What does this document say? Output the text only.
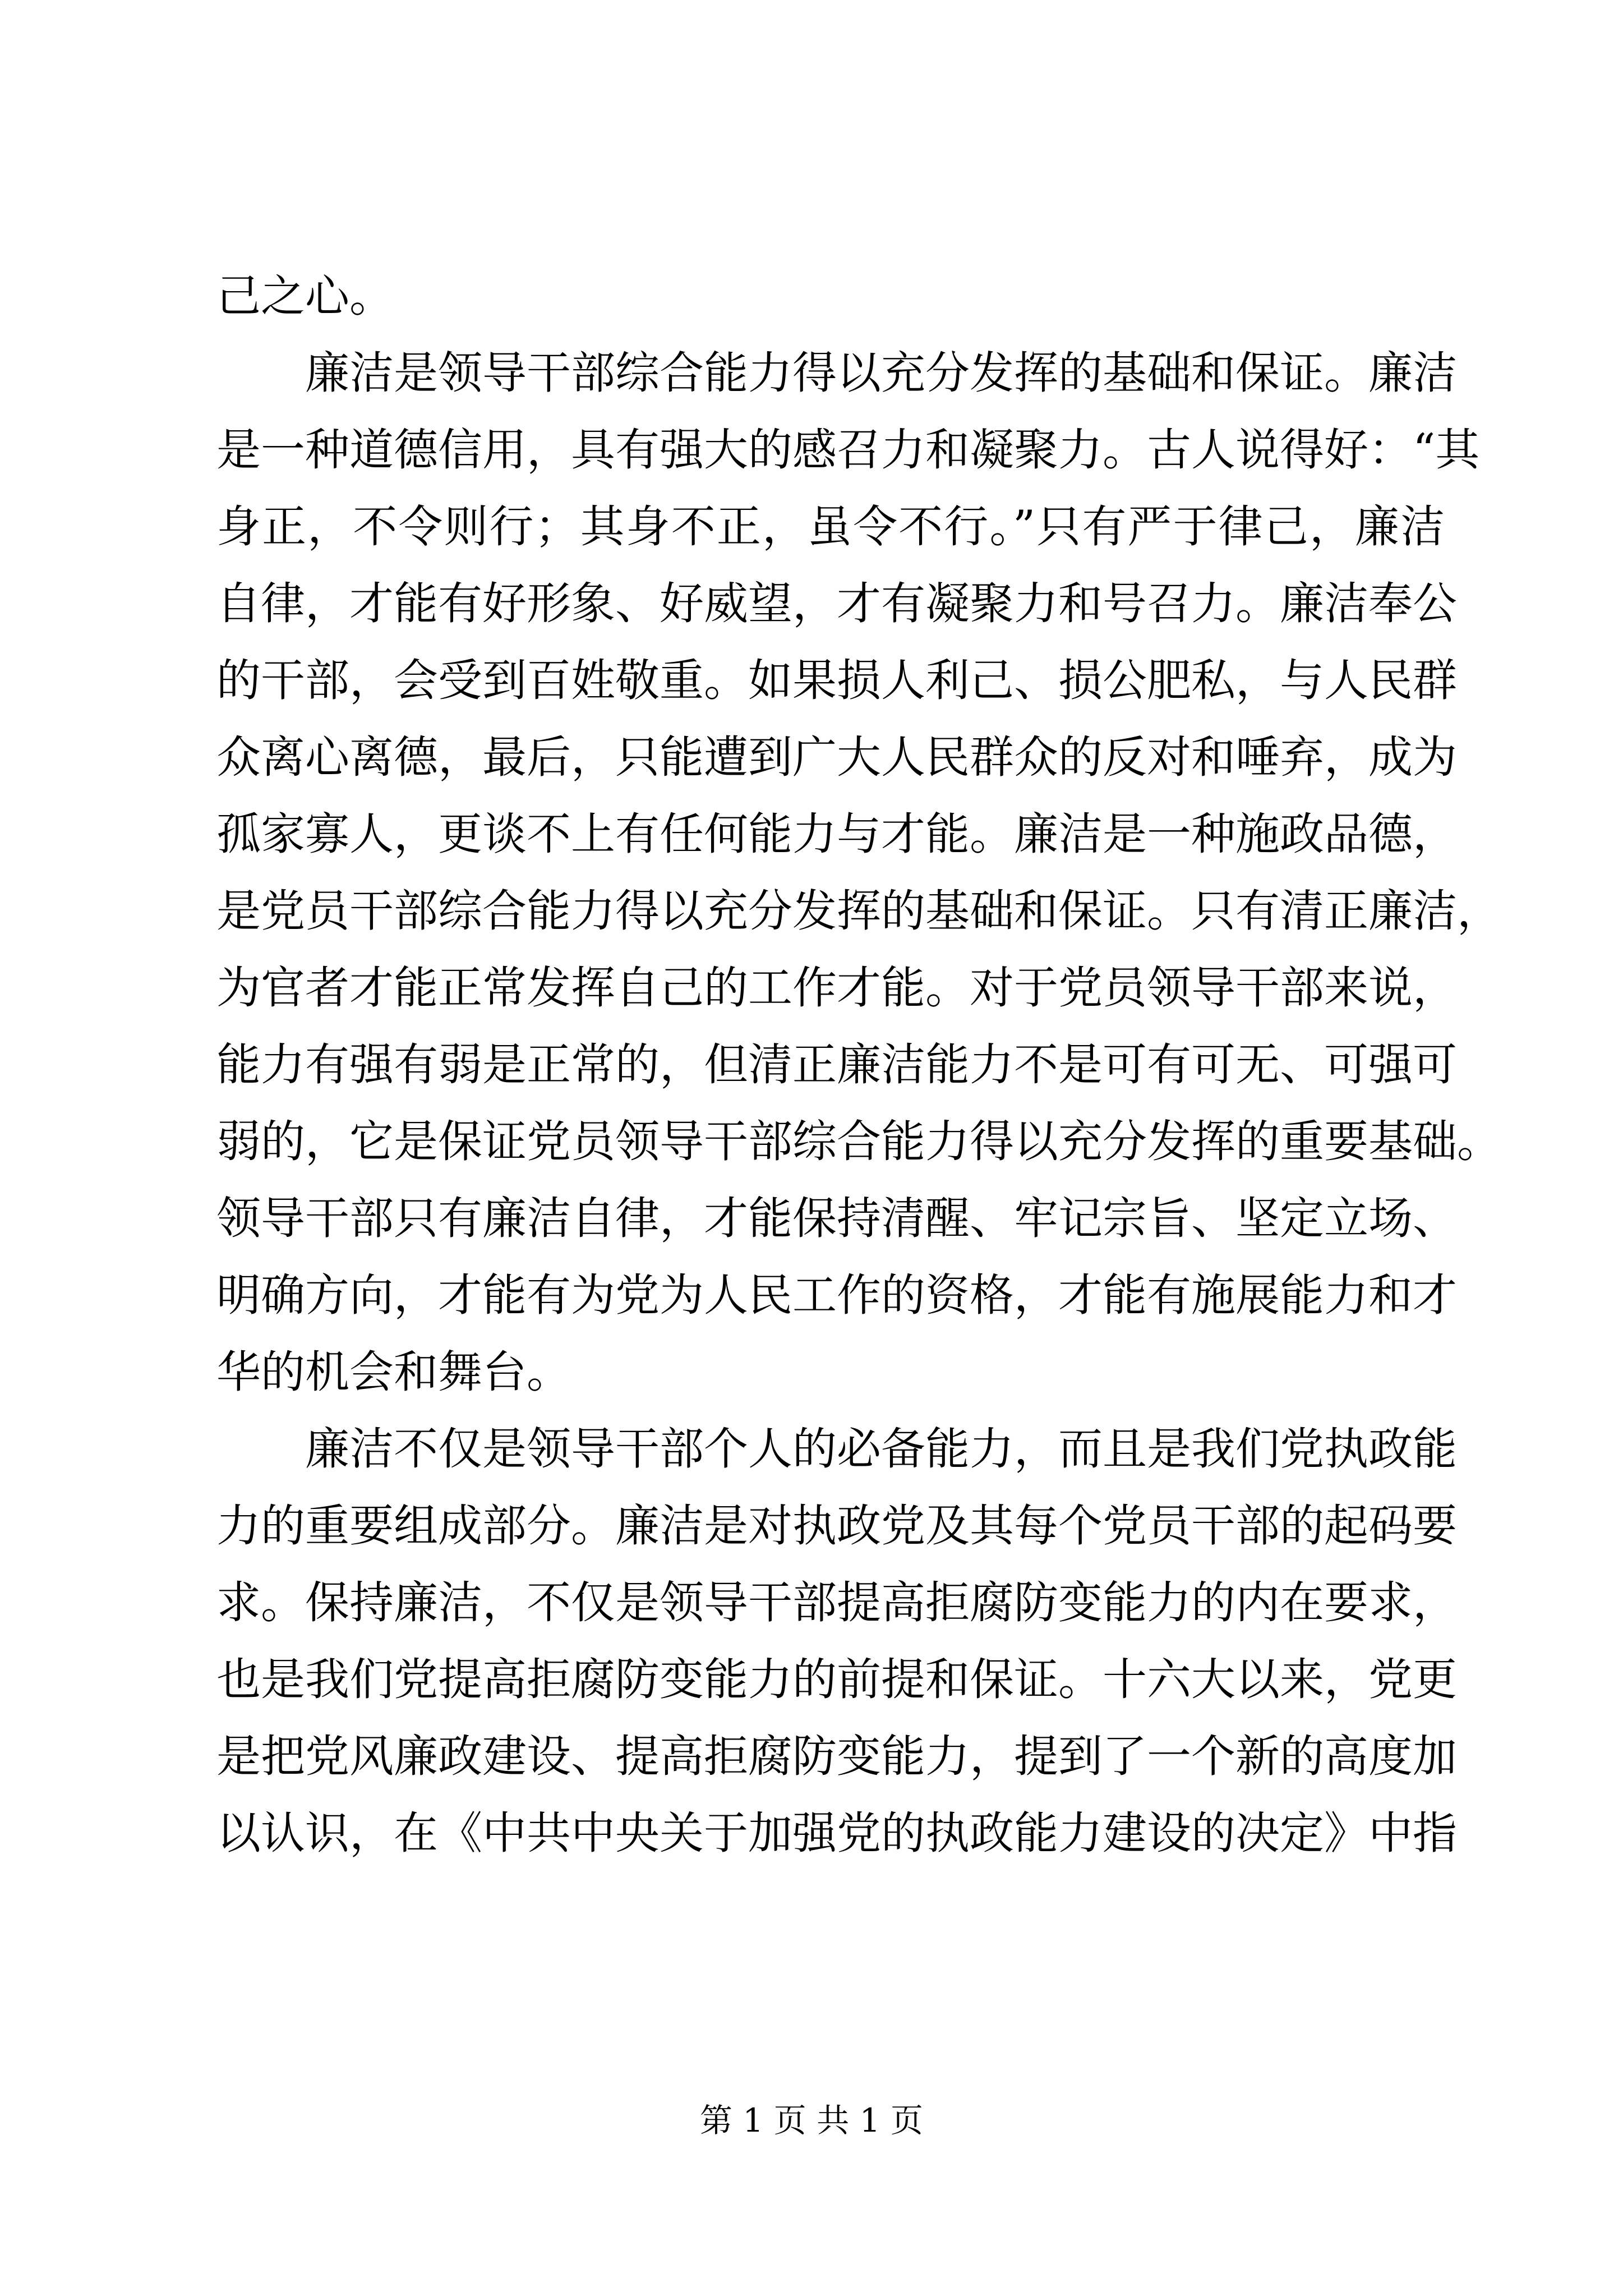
己之心。
廉洁是领导干部综合能力得以充分发挥的基础和保证。廉洁
是一种道德信用，具有强大的感召力和凝聚力。古人说得好：“其
身正，不令则行；其身不正，虽令不行。”只有严于律己，廉洁
自律，才能有好形象、好威望，才有凝聚力和号召力。廉洁奉公
的干部，会受到百姓敬重。如果损人利己、损公肥私，与人民群
众离心离德，最后，只能遭到广大人民群众的反对和唾弃，成为
孤家寡人，更谈不上有任何能力与才能。廉洁是一种施政品德，
是党员干部综合能力得以充分发挥的基础和保证。只有清正廉洁，
为官者才能正常发挥自己的工作才能。对于党员领导干部来说，
能力有强有弱是正常的，但清正廉洁能力不是可有可无、可强可
弱的，它是保证党员领导干部综合能力得以充分发挥的重要基础。
领导干部只有廉洁自律，才能保持清醒、牢记宗旨、坚定立场、
明确方向，才能有为党为人民工作的资格，才能有施展能力和才
华的机会和舞台。
廉洁不仅是领导干部个人的必备能力，而且是我们党执政能
力的重要组成部分。廉洁是对执政党及其每个党员干部的起码要
求。保持廉洁，不仅是领导干部提高拒腐防变能力的内在要求，
也是我们党提高拒腐防变能力的前提和保证。十六大以来，党更
是把党风廉政建设、提高拒腐防变能力，提到了一个新的高度加
以认识，在《中共中央关于加强党的执政能力建设的决定》中指
第 1 页 共 1 页
